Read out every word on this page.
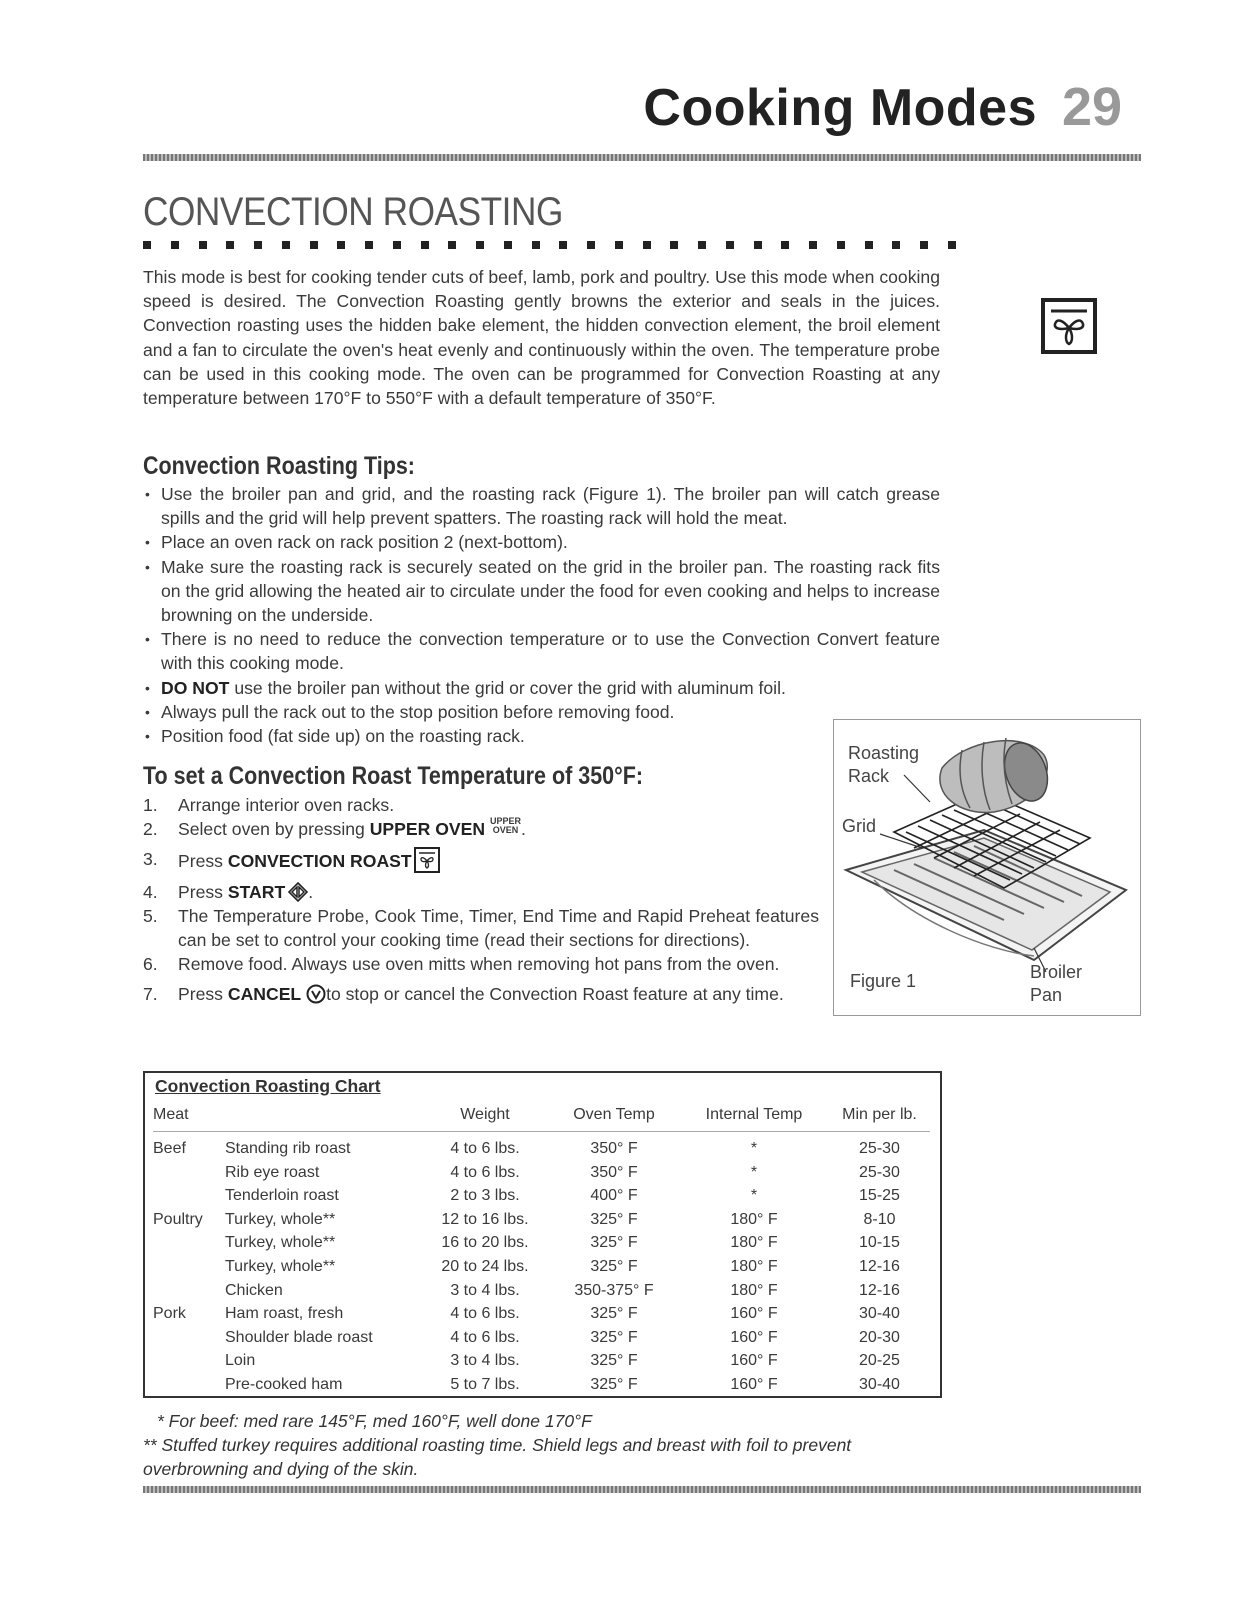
Cooking Modes 29
CONVECTION ROASTING
This mode is best for cooking tender cuts of beef, lamb, pork and poultry. Use this mode when cooking speed is desired. The Convection Roasting gently browns the exterior and seals in the juices. Convection roasting uses the hidden bake element, the hidden convection element, the broil element and a fan to circulate the oven's heat evenly and continuously within the oven. The temperature probe can be used in this cooking mode. The oven can be programmed for Convection Roasting at any temperature between 170°F to 550°F with a default temperature of 350°F.
Convection Roasting Tips:
• Use the broiler pan and grid, and the roasting rack (Figure 1). The broiler pan will catch grease spills and the grid will help prevent spatters. The roasting rack will hold the meat.
• Place an oven rack on rack position 2 (next-bottom).
• Make sure the roasting rack is securely seated on the grid in the broiler pan. The roasting rack fits on the grid allowing the heated air to circulate under the food for even cooking and helps to increase browning on the underside.
• There is no need to reduce the convection temperature or to use the Convection Convert feature with this cooking mode.
• DO NOT use the broiler pan without the grid or cover the grid with aluminum foil.
• Always pull the rack out to the stop position before removing food.
• Position food (fat side up) on the roasting rack.
To set a Convection Roast Temperature of 350°F:
1. Arrange interior oven racks.
2. Select oven by pressing UPPER OVEN UPPER
OVEN .
3. Press CONVECTION ROAST
4. Press START .
5. The Temperature Probe, Cook Time, Timer, End Time and Rapid Preheat features can be set to control your cooking time (read their sections for directions).
6. Remove food. Always use oven mitts when removing hot pans from the oven.
7. Press CANCEL to stop or cancel the Convection Roast feature at any time.
Roasting
Rack
Grid
Broiler
Pan
Figure 1
Convection Roasting Chart
Meat		Weight	Oven Temp	Internal Temp	Min per lb.
Beef	Standing rib roast	4 to 6 lbs.	350° F	*	25-30
	Rib eye roast	4 to 6 lbs.	350° F	*	25-30
	Tenderloin roast	2 to 3 lbs.	400° F	*	15-25
Poultry	Turkey, whole**	12 to 16 lbs.	325° F	180° F	8-10
	Turkey, whole**	16 to 20 lbs.	325° F	180° F	10-15
	Turkey, whole**	20 to 24 lbs.	325° F	180° F	12-16
	Chicken	3 to 4 lbs.	350-375° F	180° F	12-16
Pork	Ham roast, fresh	4 to 6 lbs.	325° F	160° F	30-40
	Shoulder blade roast	4 to 6 lbs.	325° F	160° F	20-30
	Loin	3 to 4 lbs.	325° F	160° F	20-25
	Pre-cooked ham	5 to 7 lbs.	325° F	160° F	30-40
* For beef: med rare 145°F, med 160°F, well done 170°F
** Stuffed turkey requires additional roasting time. Shield legs and breast with foil to prevent overbrowning and dying of the skin.
